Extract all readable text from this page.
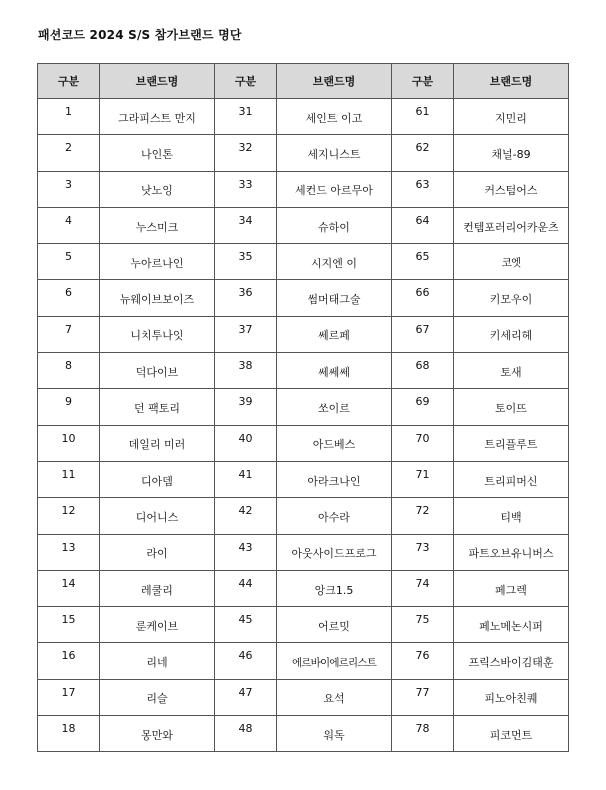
패션코드 2024 S/S 참가브랜드 명단
구분	브랜드명	구분	브랜드명	구분	브랜드명
1	그라피스트 만지	31	세인트 이고	61	지민리
2	나인톤	32	세지니스트	62	채널-89
3	낫노잉	33	세컨드 아르무아	63	커스텀어스
4	누스미크	34	슈하이	64	컨템포러리어카운츠
5	누아르나인	35	시지엔 이	65	코엣
6	뉴웨이브보이즈	36	썸머태그술	66	키모우이
7	니치투나잇	37	쎄르페	67	키세리헤
8	덕다이브	38	쎄쎄쎄	68	토새
9	던 팩토리	39	쏘이르	69	토이뜨
10	데일리 미러	40	아드베스	70	트리플루트
11	디아뎀	41	아라크나인	71	트리피머신
12	디어니스	42	아수라	72	티백
13	라이	43	아웃사이드프로그	73	파트오브유니버스
14	레쿨리	44	앙크1.5	74	페그렉
15	룬케이브	45	어르밋	75	페노메논시퍼
16	리네	46	에르바이에르리스트	76	프릭스바이김태훈
17	리슬	47	요석	77	피노아친퀘
18	몽만와	48	워독	78	피코먼트
